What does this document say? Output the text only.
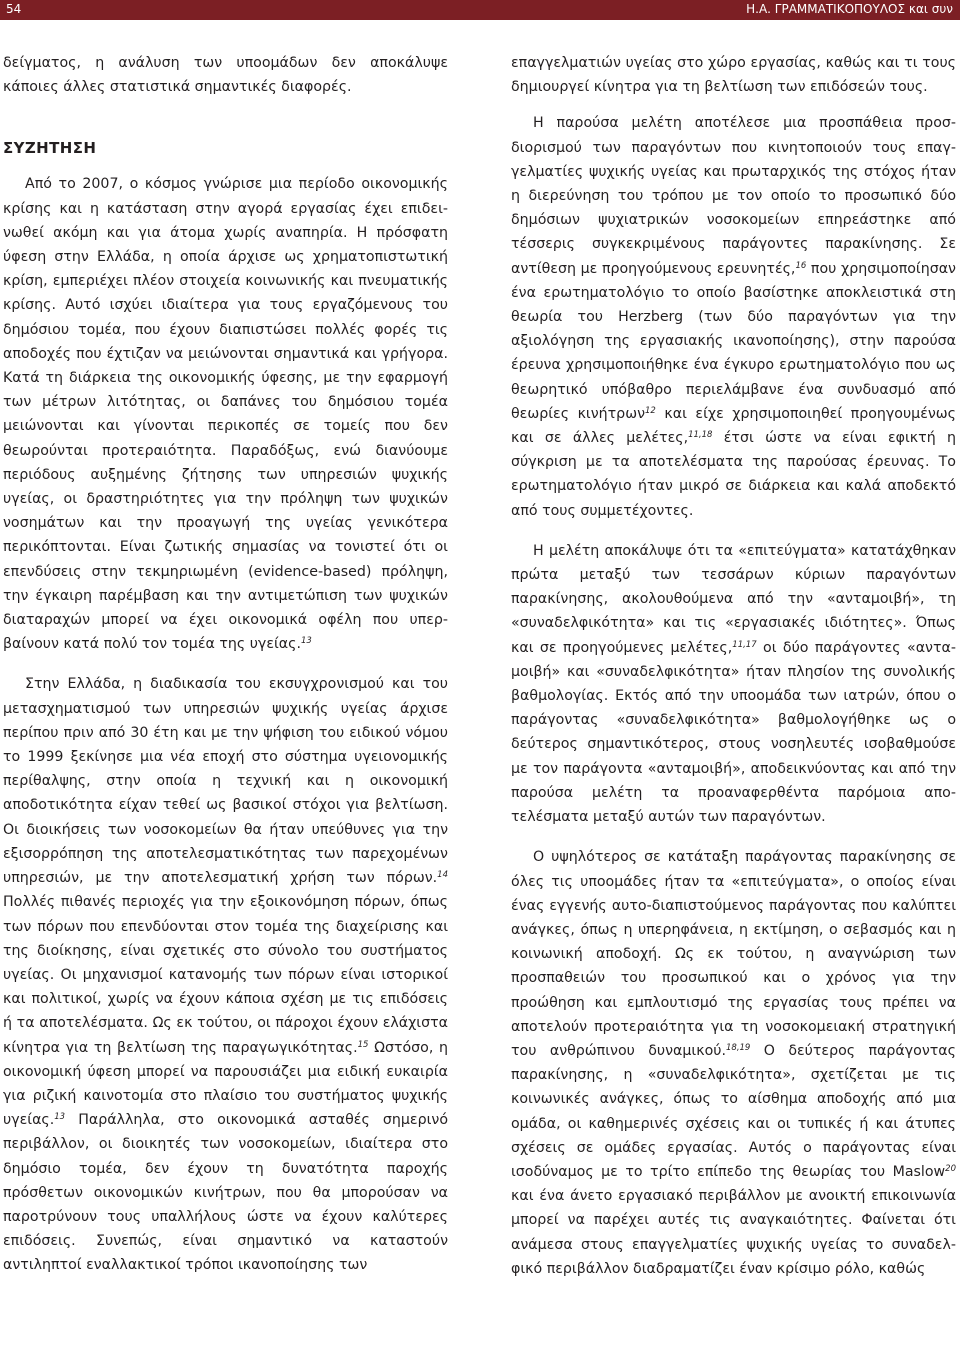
54	Η.Α. ΓΡΑΜΜΑΤΙΚΟΠΟΥΛΟΣ και συν

δείγματος, η ανάλυση των υποομάδων δεν αποκάλυψε κάποιες άλλες στατιστικά σημαντικές διαφορές.

ΣΥΖΗΤΗΣΗ

Από το 2007, ο κόσμος γνώρισε μια περίοδο οικονομικής κρίσης και η κατάσταση στην αγορά εργασίας έχει επιδεινωθεί ακόμη και για άτομα χωρίς αναπηρία. Η πρόσφατη ύφεση στην Ελλάδα, η οποία άρχισε ως χρηματοπιστωτική κρίση, εμπεριέχει πλέον στοιχεία κοινωνικής και πνευματικής κρίσης. Αυτό ισχύει ιδιαίτερα για τους εργαζόμενους του δημόσιου τομέα, που έχουν διαπιστώσει πολλές φορές τις αποδοχές που έχτιζαν να μειώνονται σημαντικά και γρήγορα. Κατά τη διάρκεια της οικονομικής ύφεσης, με την εφαρμογή των μέτρων λιτότητας, οι δαπάνες του δημόσιου τομέα μειώνονται και γίνονται περικοπές σε τομείς που δεν θεωρούνται προτεραιότητα. Παραδόξως, ενώ διανύουμε περιόδους αυξημένης ζήτησης των υπηρεσιών ψυχικής υγείας, οι δραστηριότητες για την πρόληψη των ψυχικών νοσημάτων και την προαγωγή της υγείας γενικότερα περικόπτονται. Είναι ζωτικής σημασίας να τονιστεί ότι οι επενδύσεις στην τεκμηριωμένη (evidence-based) πρόληψη, την έγκαιρη παρέμβαση και την αντιμετώπιση των ψυχικών διαταραχών μπορεί να έχει οικονομικά οφέλη που υπερβαίνουν κατά πολύ τον τομέα της υγείας.$^{13}$

Στην Ελλάδα, η διαδικασία του εκσυγχρονισμού και του μετασχηματισμού των υπηρεσιών ψυχικής υγείας άρχισε περίπου πριν από 30 έτη και με την ψήφιση του ειδικού νόμου το 1999 ξεκίνησε μια νέα εποχή στο σύστημα υγειονομικής περίθαλψης, στην οποία η τεχνική και η οικονομική αποδοτικότητα είχαν τεθεί ως βασικοί στόχοι για βελτίωση. Οι διοικήσεις των νοσοκομείων θα ήταν υπεύθυνες για την εξισορρόπηση της αποτελεσματικότητας των παρεχομένων υπηρεσιών, με την αποτελεσματική χρήση των πόρων.$^{14}$ Πολλές πιθανές περιοχές για την εξοικονόμηση πόρων, όπως των πόρων που επενδύονται στον τομέα της διαχείρισης και της διοίκησης, είναι σχετικές στο σύνολο του συστήματος υγείας. Οι μηχανισμοί κατανομής των πόρων είναι ιστορικοί και πολιτικοί, χωρίς να έχουν κάποια σχέση με τις επιδόσεις ή τα αποτελέσματα. Ως εκ τούτου, οι πάροχοι έχουν ελάχιστα κίνητρα για τη βελτίωση της παραγωγικότητας.$^{15}$ Ωστόσο, η οικονομική ύφεση μπορεί να παρουσιάζει μια ειδική ευκαιρία για ριζική καινοτομία στο πλαίσιο του συστήματος ψυχικής υγείας.$^{13}$ Παράλληλα, στο οικονομικά ασταθές σημερινό περιβάλλον, οι διοικητές των νοσοκομείων, ιδιαίτερα στο δημόσιο τομέα, δεν έχουν τη δυνατότητα παροχής πρόσθετων οικονομικών κινήτρων, που θα μπορούσαν να παροτρύνουν τους υπαλλήλους ώστε να έχουν καλύτερες επιδόσεις. Συνεπώς, είναι σημαντικό να καταστούν αντιληπτοί εναλλακτικοί τρόποι ικανοποίησης των

επαγγελματιών υγείας στο χώρο εργασίας, καθώς και τι τους δημιουργεί κίνητρα για τη βελτίωση των επιδόσεών τους.

Η παρούσα μελέτη αποτέλεσε μια προσπάθεια προσδιορισμού των παραγόντων που κινητοποιούν τους επαγγελματίες ψυχικής υγείας και πρωταρχικός της στόχος ήταν η διερεύνηση του τρόπου με τον οποίο το προσωπικό δύο δημόσιων ψυχιατρικών νοσοκομείων επηρεάστηκε από τέσσερις συγκεκριμένους παράγοντες παρακίνησης. Σε αντίθεση με προηγούμενους ερευνητές,$^{16}$ που χρησιμοποίησαν ένα ερωτηματολόγιο το οποίο βασίστηκε αποκλειστικά στη θεωρία του Herzberg (των δύο παραγόντων για την αξιολόγηση της εργασιακής ικανοποίησης), στην παρούσα έρευνα χρησιμοποιήθηκε ένα έγκυρο ερωτηματολόγιο που ως θεωρητικό υπόβαθρο περιελάμβανε ένα συνδυασμό από θεωρίες κινήτρων$^{12}$ και είχε χρησιμοποιηθεί προηγουμένως και σε άλλες μελέτες,$^{11,18}$ έτσι ώστε να είναι εφικτή η σύγκριση με τα αποτελέσματα της παρούσας έρευνας. Το ερωτηματολόγιο ήταν μικρό σε διάρκεια και καλά αποδεκτό από τους συμμετέχοντες.

Η μελέτη αποκάλυψε ότι τα «επιτεύγματα» κατατάχθηκαν πρώτα μεταξύ των τεσσάρων κύριων παραγόντων παρακίνησης, ακολουθούμενα από την «ανταμοιβή», τη «συναδελφικότητα» και τις «εργασιακές ιδιότητες». Όπως και σε προηγούμενες μελέτες,$^{11,17}$ οι δύο παράγοντες «ανταμοιβή» και «συναδελφικότητα» ήταν πλησίον της συνολικής βαθμολογίας. Εκτός από την υποομάδα των ιατρών, όπου ο παράγοντας «συναδελφικότητα» βαθμολογήθηκε ως ο δεύτερος σημαντικότερος, στους νοσηλευτές ισοβαθμούσε με τον παράγοντα «ανταμοιβή», αποδεικνύοντας και από την παρούσα μελέτη τα προαναφερθέντα παρόμοια αποτελέσματα μεταξύ αυτών των παραγόντων.

Ο υψηλότερος σε κατάταξη παράγοντας παρακίνησης σε όλες τις υποομάδες ήταν τα «επιτεύγματα», ο οποίος είναι ένας εγγενής αυτο-διαπιστούμενος παράγοντας που καλύπτει ανάγκες, όπως η υπερηφάνεια, η εκτίμηση, ο σεβασμός και η κοινωνική αποδοχή. Ως εκ τούτου, η αναγνώριση των προσπαθειών του προσωπικού και ο χρόνος για την προώθηση και εμπλουτισμό της εργασίας τους πρέπει να αποτελούν προτεραιότητα για τη νοσοκομειακή στρατηγική του ανθρώπινου δυναμικού.$^{18,19}$ Ο δεύτερος παράγοντας παρακίνησης, η «συναδελφικότητα», σχετίζεται με τις κοινωνικές ανάγκες, όπως το αίσθημα αποδοχής από μια ομάδα, οι καθημερινές σχέσεις και οι τυπικές ή και άτυπες σχέσεις σε ομάδες εργασίας. Αυτός ο παράγοντας είναι ισοδύναμος με το τρίτο επίπεδο της θεωρίας του Maslow$^{20}$ και ένα άνετο εργασιακό περιβάλλον με ανοικτή επικοινωνία μπορεί να παρέχει αυτές τις αναγκαιότητες. Φαίνεται ότι ανάμεσα στους επαγγελματίες ψυχικής υγείας το συναδελφικό περιβάλλον διαδραματίζει έναν κρίσιμο ρόλο, καθώς
